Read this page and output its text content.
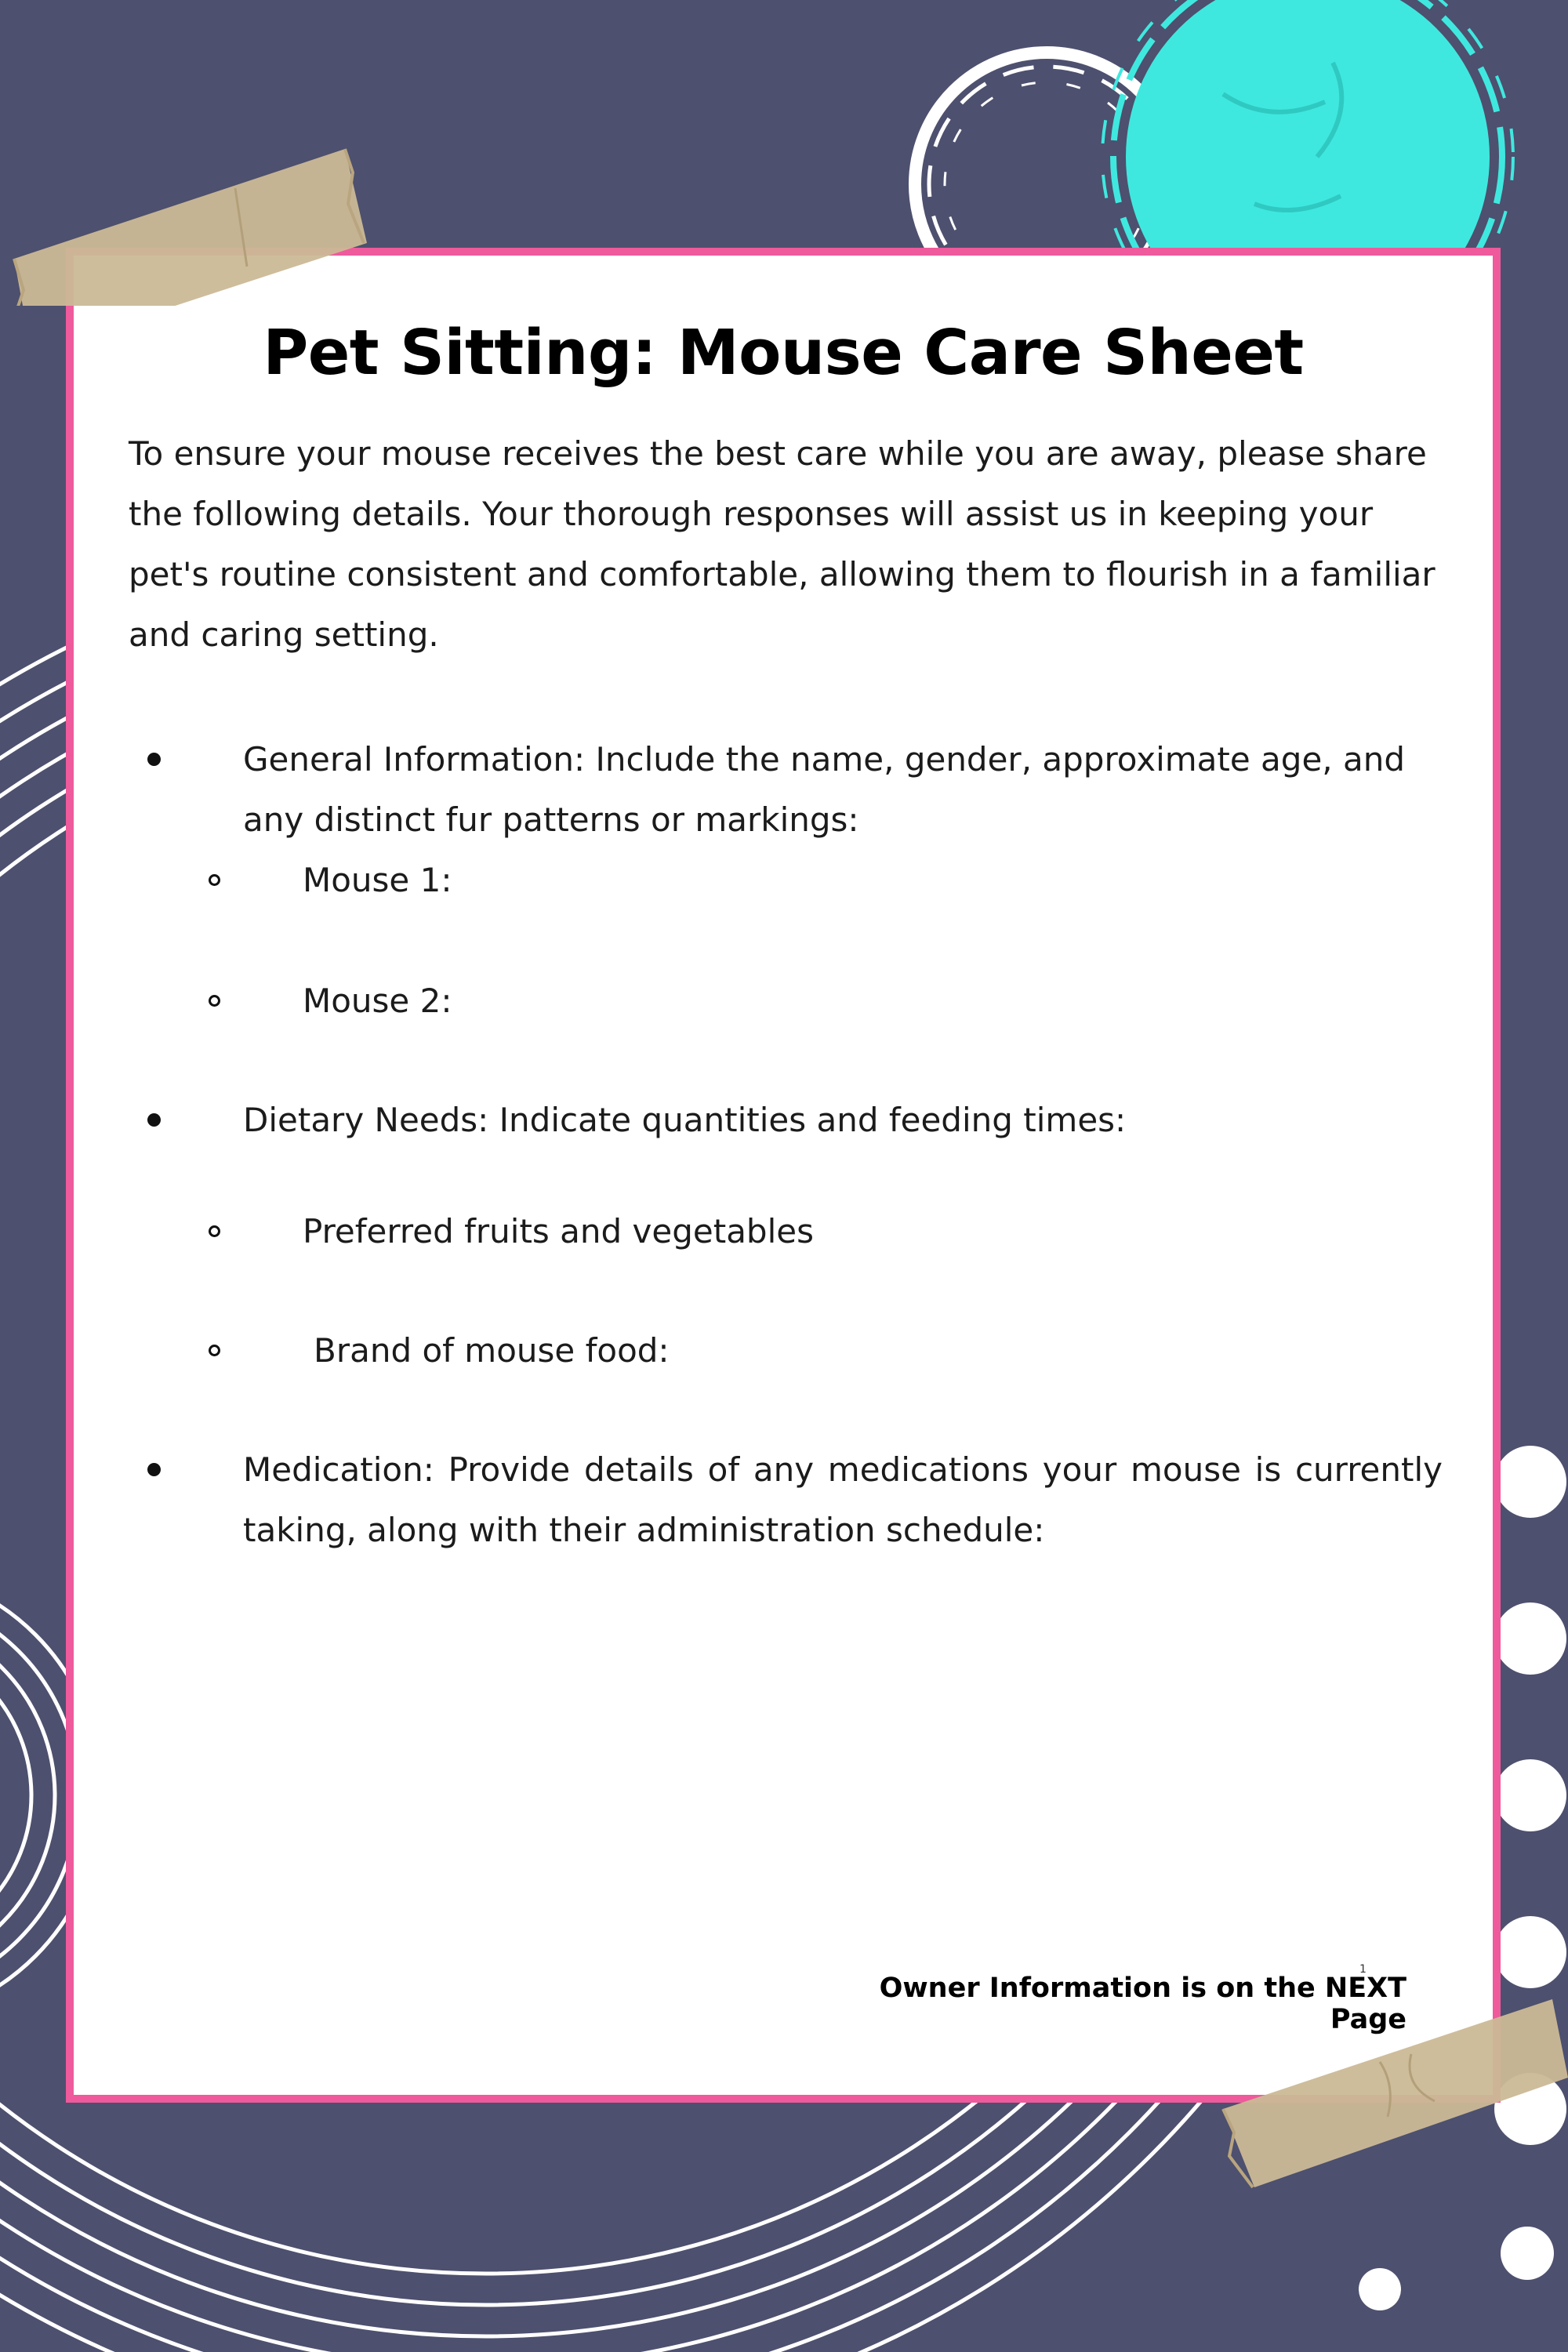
Pet Sitting: Mouse Care Sheet

To ensure your mouse receives the best care while you are away, please share the following details. Your thorough responses will assist us in keeping your pet's routine consistent and comfortable, allowing them to flourish in a familiar and caring setting.

General Information: Include the name, gender, approximate age, and any distinct fur patterns or markings:

Mouse 1:

Mouse 2:

Dietary Needs: Indicate quantities and feeding times:

Preferred fruits and vegetables

Brand of mouse food:

Medication: Provide details of any medications your mouse is currently taking, along with their administration schedule:

1

Owner Information is on the NEXT Page
